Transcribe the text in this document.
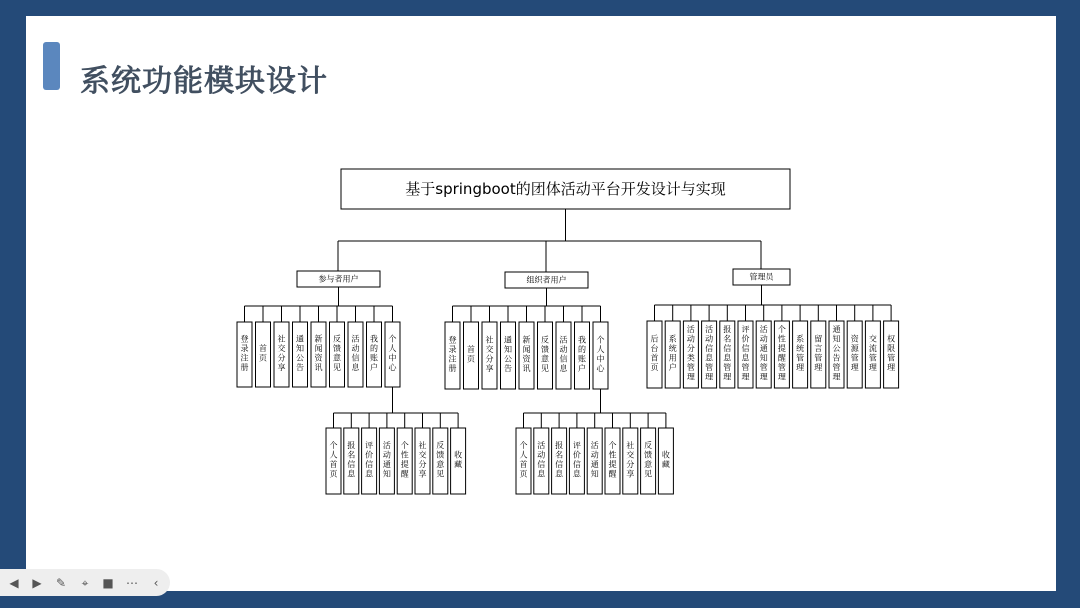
系统功能模块设计
基于springboot的团体活动平台开发设计与实现
参与者用户
登录注册
首页
社交分享
通知公告
新闻资讯
反馈意见
活动信息
我的账户
个人中心
个人首页
报名信息
评价信息
活动通知
个性提醒
社交分享
反馈意见
收藏
组织者用户
登录注册
首页
社交分享
通知公告
新闻资讯
反馈意见
活动信息
我的账户
个人中心
个人首页
活动信息
报名信息
评价信息
活动通知
个性提醒
社交分享
反馈意见
收藏
管理员
后台首页
系统用户
活动分类管理
活动信息管理
报名信息管理
评价信息管理
活动通知管理
个性提醒管理
系统管理
留言管理
通知公告管理
资源管理
交流管理
权限管理
◀ ▶ ✎	⌖	■ ⋯	‹
